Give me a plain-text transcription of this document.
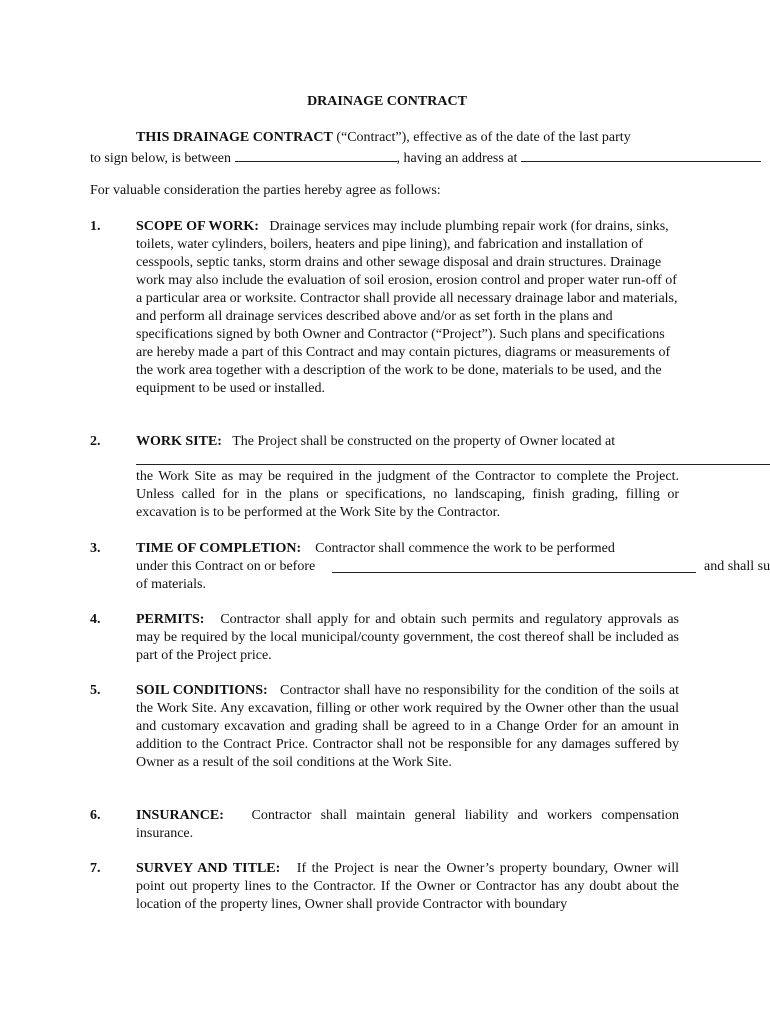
DRAINAGE CONTRACT
THIS DRAINAGE CONTRACT (“Contract”), effective as of the date of the last party
to sign below, is between	, having an address at
For valuable consideration the parties hereby agree as follows:
1.	SCOPE OF WORK: Drainage services may include plumbing repair work (for drains, sinks, toilets, water cylinders, boilers, heaters and pipe lining), and fabrication and installation of cesspools, septic tanks, storm drains and other sewage disposal and drain structures. Drainage work may also include the evaluation of soil erosion, erosion control and proper water run-off of a particular area or worksite. Contractor shall provide all necessary drainage labor and materials, and perform all drainage services described above and/or as set forth in the plans and specifications signed by both Owner and Contractor (“Project”). Such plans and specifications are hereby made a part of this Contract and may contain pictures, diagrams or measurements of the work area together with a description of the work to be done, materials to be used, and the equipment to be used or installed.

2.	WORK SITE: The Project shall be constructed on the property of Owner located at

the Work Site as may be required in the judgment of the Contractor to complete the Project. Unless called for in the plans or specifications, no landscaping, finish grading, filling or excavation is to be performed at the Work Site by the Contractor.

3.	TIME OF COMPLETION: Contractor shall commence the work to be performed

under this Contract on or before	and shall su
of materials.
4.	PERMITS: Contractor shall apply for and obtain such permits and regulatory approvals as may be required by the local municipal/county government, the cost thereof shall be included as part of the Project price.

5.	SOIL CONDITIONS: Contractor shall have no responsibility for the condition of the soils at the Work Site. Any excavation, filling or other work required by the Owner other than the usual and customary excavation and grading shall be agreed to in a Change Order for an amount in addition to the Contract Price. Contractor shall not be responsible for any damages suffered by Owner as a result of the soil conditions at the Work Site.

6.	INSURANCE: Contractor shall maintain general liability and workers compensation insurance.

7.	SURVEY AND TITLE: If the Project is near the Owner’s property boundary, Owner will point out property lines to the Contractor. If the Owner or Contractor has any doubt about the location of the property lines, Owner shall provide Contractor with boundary
